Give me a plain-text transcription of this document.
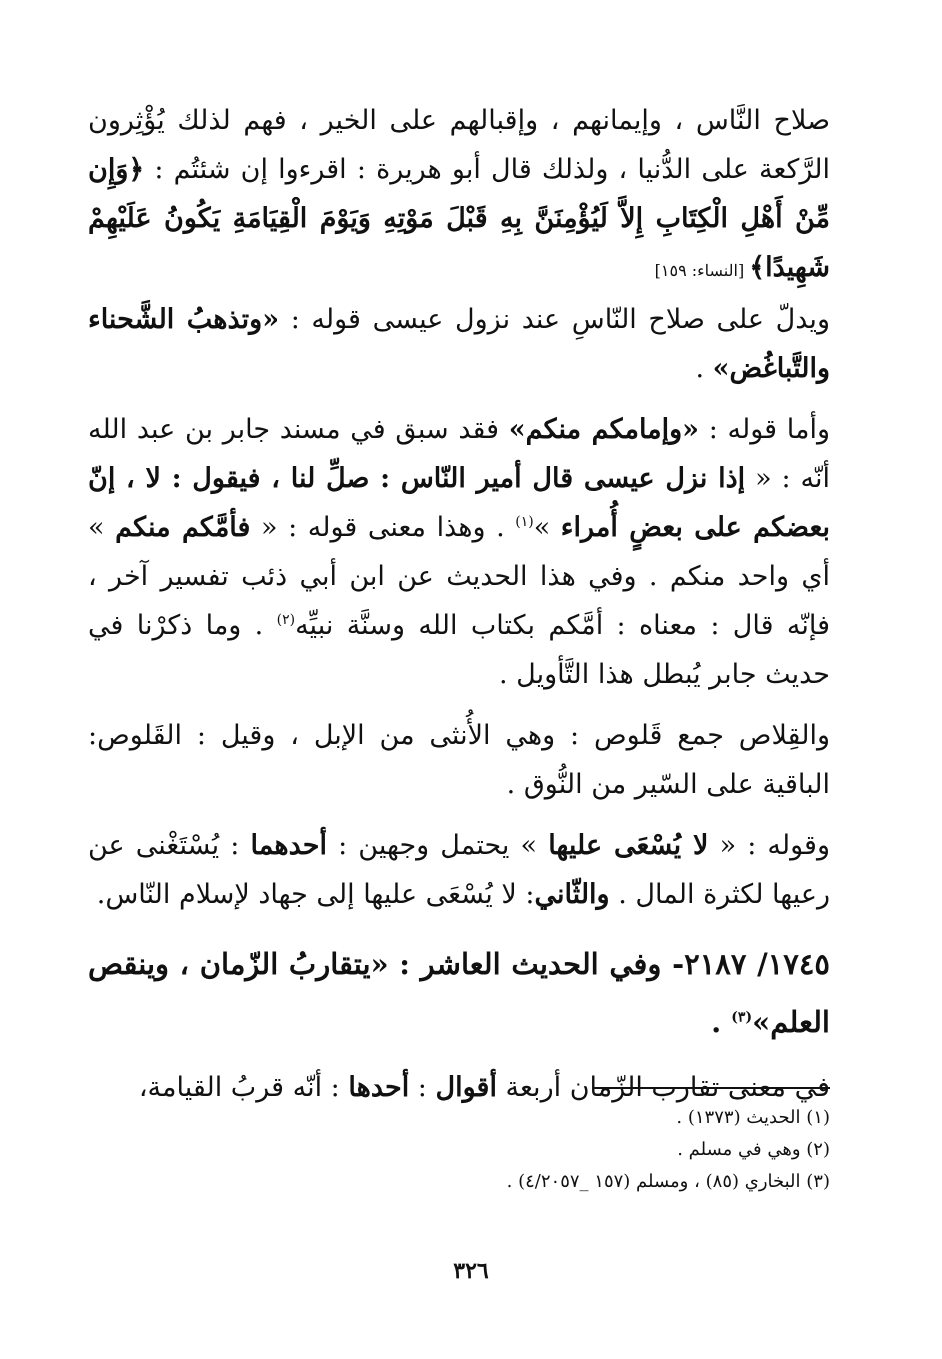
صلاح النَّاس ، وإيمانهم ، وإقبالهم على الخير ، فهم لذلك يُؤْثِرون الرَّكعة على الدُّنيا ، ولذلك قال أبو هريرة : اقرءوا إن شئتُم : ﴿وَإِن مِّنْ أَهْلِ الْكِتَابِ إِلاَّ لَيُؤْمِنَنَّ بِهِ قَبْلَ مَوْتِهِ وَيَوْمَ الْقِيَامَةِ يَكُونُ عَلَيْهِمْ شَهِيدًا﴾ [النساء: ١٥٩]

ويدلّ على صلاح النّاسِ عند نزول عيسى قوله : «وتذهبُ الشَّحناء والتَّباغُض» .

وأما قوله : «وإمامكم منكم» فقد سبق في مسند جابر بن عبد الله أنّه : « إذا نزل عيسى قال أمير النّاس : صلِّ لنا ، فيقول : لا ، إنّ بعضكم على بعضٍ أُمراء »$^{(١)}$ . وهذا معنى قوله : « فأمَّكم منكم » أي واحد منكم . وفي هذا الحديث عن ابن أبي ذئب تفسير آخر ، فإنّه قال : معناه : أمَّكم بكتاب الله وسنَّة نبيِّه$^{(٢)}$ . وما ذكرْنا في حديث جابر يُبطل هذا التَّأويل .

والقِلاص جمع قَلوص : وهي الأُنثى من الإبل ، وقيل : القَلوص: الباقية على السّير من النُّوق .

وقوله : « لا يُسْعَى عليها » يحتمل وجهين : أحدهما : يُسْتَغْنى عن رعيها لكثرة المال . والثّاني: لا يُسْعَى عليها إلى جهاد لإسلام النّاس.

١٧٤٥/ ٢١٨٧- وفي الحديث العاشر : «يتقاربُ الزّمان ، وينقص العلم»$^{(٣)}$ .

في معنى تقارب الزّمان أربعة أقوال : أحدها : أنّه قربُ القيامة،

(١) الحديث (١٣٧٣) .
(٢) وهي في مسلم .
(٣) البخاري (٨٥) ، ومسلم (١٥٧ _٤/٢٠٥٧) .
٣٢٦
